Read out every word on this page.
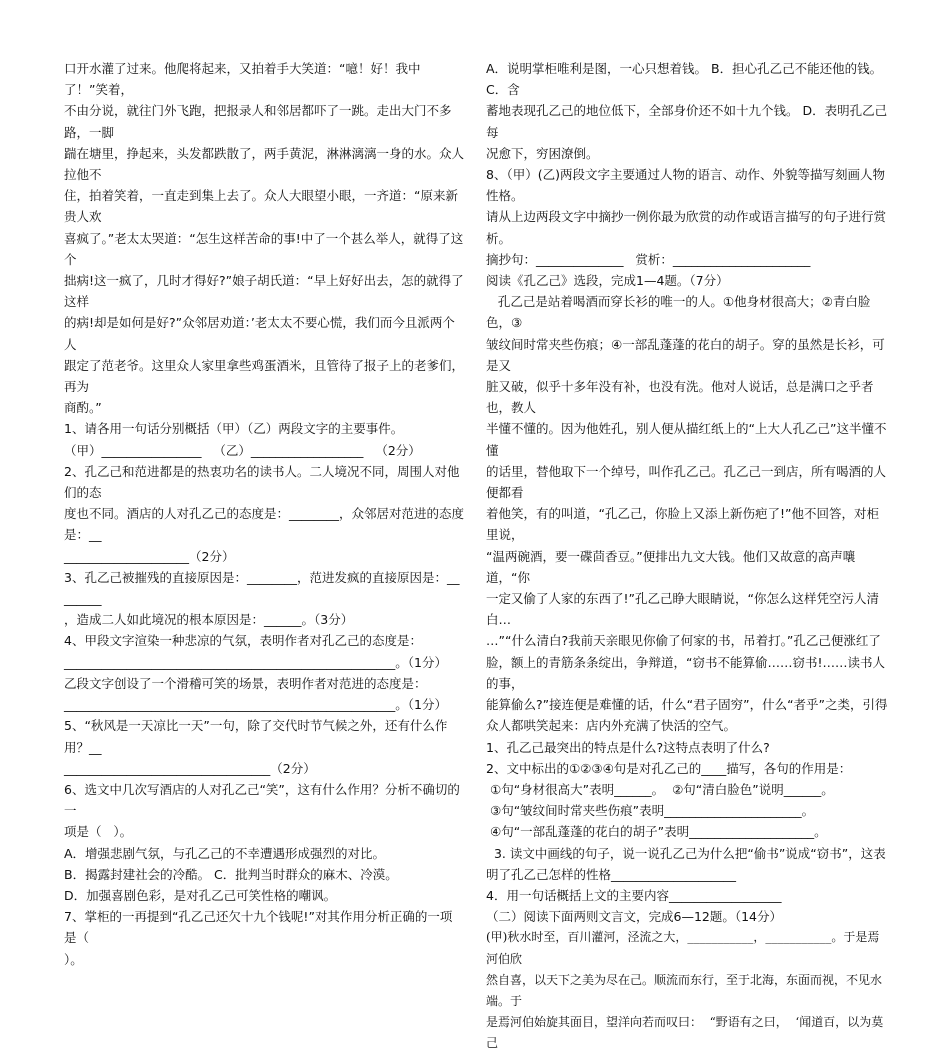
口开水灌了过来。他爬将起来，又拍着手大笑道：“噫！好！我中了！”笑着，

不由分说，就往门外飞跑，把报录人和邻居都吓了一跳。走出大门不多路，一脚

踹在塘里，挣起来，头发都跌散了，两手黄泥，淋淋漓漓一身的水。众人拉他不

住，拍着笑着，一直走到集上去了。众人大眼望小眼，一齐道：“原来新贵人欢

喜疯了。”老太太哭道：“怎生这样苦命的事!中了一个甚么举人，就得了这个

拙病!这一疯了，几时才得好?”娘子胡氏道：“早上好好出去，怎的就得了这样

的病!却是如何是好?”众邻居劝道：’老太太不要心慌，我们而今且派两个人

跟定了范老爷。这里众人家里拿些鸡蛋酒米，且管待了报子上的老爹们，再为

商酌。”

1、请各用一句话分别概括（甲）（乙）两段文字的主要事件。

（甲）________________   （乙）__________________   （2分）

2、孔乙己和范进都是的热衷功名的读书人。二人境况不同，周围人对他们的态

度也不同。酒店的人对孔乙己的态度是：________，众邻居对范进的态度是：__

____________________（2分）

3、孔乙己被摧残的直接原因是：________，范进发疯的直接原因是：________

，造成二人如此境况的根本原因是：______。（3分）

4、甲段文字渲染一种悲凉的气氛，表明作者对孔乙己的态度是：

_____________________________________________________。（1分）

乙段文字创设了一个滑稽可笑的场景，表明作者对范进的态度是：

_____________________________________________________。（1分）

5、“秋风是一天凉比一天”一句，除了交代时节气候之外，还有什么作用？__

_________________________________（2分）

6、选文中几次写酒店的人对孔乙己“笑”，这有什么作用？分析不确切的一

项是（   ）。

A．增强悲剧气氛，与孔乙己的不幸遭遇形成强烈的对比。

B．揭露封建社会的冷酷。 C．批判当时群众的麻木、冷漠。

D．加强喜剧色彩，是对孔乙己可笑性格的嘲讽。

7、掌柜的一再提到“孔乙己还欠十九个钱呢!”对其作用分析正确的一项是（

）。

A．说明掌柜唯利是图，一心只想着钱。 B．担心孔乙己不能还他的钱。 C．含

蓄地表现孔乙己的地位低下，全部身价还不如十九个钱。 D．表明孔乙己每

况愈下，穷困潦倒。

8、（甲）(乙)两段文字主要通过人物的语言、动作、外貌等描写刻画人物性格。

请从上边两段文字中摘抄一例你最为欣赏的动作或语言描写的句子进行赏析。

摘抄句：______________   赏析：______________________

阅读《孔乙己》选段，完成1—4题。（7分）

孔乙己是站着喝酒而穿长衫的唯一的人。①他身材很高大；②青白脸色，③

皱纹间时常夹些伤痕；④一部乱蓬蓬的花白的胡子。穿的虽然是长衫，可是又

脏又破，似乎十多年没有补，也没有洗。他对人说话，总是满口之乎者也，教人

半懂不懂的。因为他姓孔，别人便从描红纸上的“上大人孔乙己”这半懂不懂

的话里，替他取下一个绰号，叫作孔乙己。孔乙己一到店，所有喝酒的人便都看

着他笑，有的叫道，“孔乙己，你脸上又添上新伤疤了!”他不回答，对柜里说，

“温两碗酒，要一碟茴香豆。”便排出九文大钱。他们又故意的高声嚷道，“你

一定又偷了人家的东西了!”孔乙己睁大眼睛说，“你怎么这样凭空污人清白…

…”“什么清白?我前天亲眼见你偷了何家的书，吊着打。”孔乙己便涨红了

脸，额上的青筋条条绽出，争辩道，“窃书不能算偷……窃书!……读书人的事，

能算偷么?”接连便是难懂的话，什么“君子固穷”，什么“者乎”之类，引得

众人都哄笑起来：店内外充满了快活的空气。

1、孔乙己最突出的特点是什么?这特点表明了什么?

2、文中标出的①②③④句是对孔乙己的____描写，各句的作用是：

①句“身材很高大”表明______。  ②句“清白脸色”说明______。

③句“皱纹间时常夹些伤痕”表明______________________。

④句“一部乱蓬蓬的花白的胡子”表明____________________。

3. 读文中画线的句子，说一说孔乙己为什么把“偷书”说成“窃书”，这表

明了孔乙己怎样的性格____________________

4．用一句话概括上文的主要内容__________________

（二）阅读下面两则文言文，完成6—12题。（14分）

(甲)秋水时至，百川灌河，泾流之大，___________，___________。于是焉河伯欣

然自喜，以天下之美为尽在己。顺流而东行，至于北海，东面而视，不见水端。于

是焉河伯始旋其面目，望洋向若而叹曰：  “野语有之曰，  ‘闻道百，以为莫己
